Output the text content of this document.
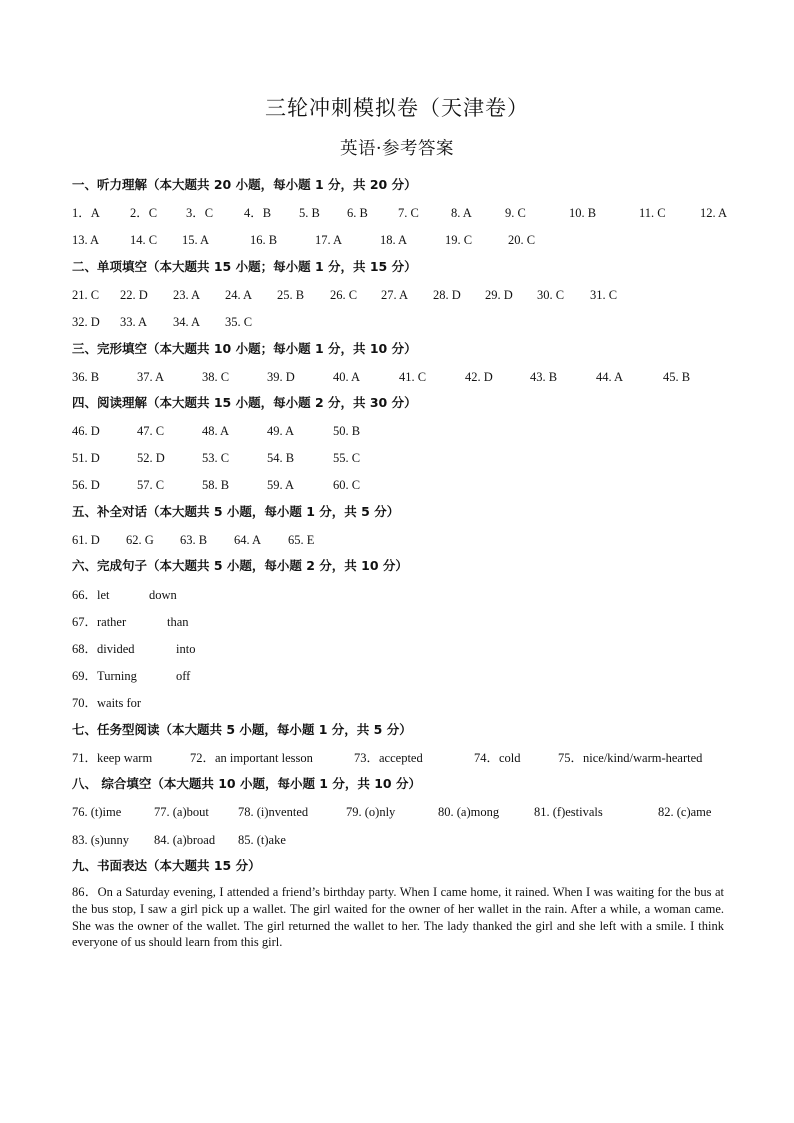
三轮冲刺模拟卷（天津卷）
英语·参考答案
一、听力理解（本大题共 20 小题，每小题 1 分，共 20 分）
1．A 2．C 3．C 4．B 5. B 6. B 7. C	8. A	9. C	10. B	11. C	12. A
13. A 14. C 15. A	16. B	17. A	18. A	19. C	20. C
二、单项填空（本大题共 15 小题；每小题 1 分，共 15 分）
21. C 22. D 23. A 24. A 25. B 26. C 27. A 28. D 29. D 30. C 31. C
32. D 33. A 34. A 35. C
三、完形填空（本大题共 10 小题；每小题 1 分，共 10 分）
36. B	37. A	38. C	39. D	40. A	41. C	42. D	43. B	44. A	45. B
四、阅读理解（本大题共 15 小题，每小题 2 分，共 30 分）
46. D	47. C	48. A	49. A	50. B
51. D	52. D	53. C	54. B	55. C
56. D	57. C	58. B	59. A	60. C
五、补全对话（本大题共 5 小题，每小题 1 分，共 5 分）
61. D 62. G 63. B 64. A 65. E
六、完成句子（本大题共 5 小题，每小题 2 分，共 10 分）
66．let	down
67．rather	than
68．divided	into
69．Turning	off
70．waits for
七、任务型阅读（本大题共 5 小题，每小题 1 分，共 5 分）
71．keep warm	72．an important lesson	73．accepted	74．cold	75．nice/kind/warm-hearted
八、 综合填空（本大题共 10 小题，每小题 1 分，共 10 分）
76. (t)ime	77. (a)bout 78. (i)nvented	79. (o)nly	80. (a)mong	81. (f)estivals	82. (c)ame
83. (s)unny 84. (a)broad 85. (t)ake
九、书面表达（本大题共 15 分）
86．On a Saturday evening, I attended a friend’s birthday party. When I came home, it rained. When I was waiting for the bus at the bus stop, I saw a girl pick up a wallet. The girl waited for the owner of her wallet in the rain. After a while, a woman came. She was the owner of the wallet. The girl returned the wallet to her. The lady thanked the girl and she left with a smile. I think everyone of us should learn from this girl.
